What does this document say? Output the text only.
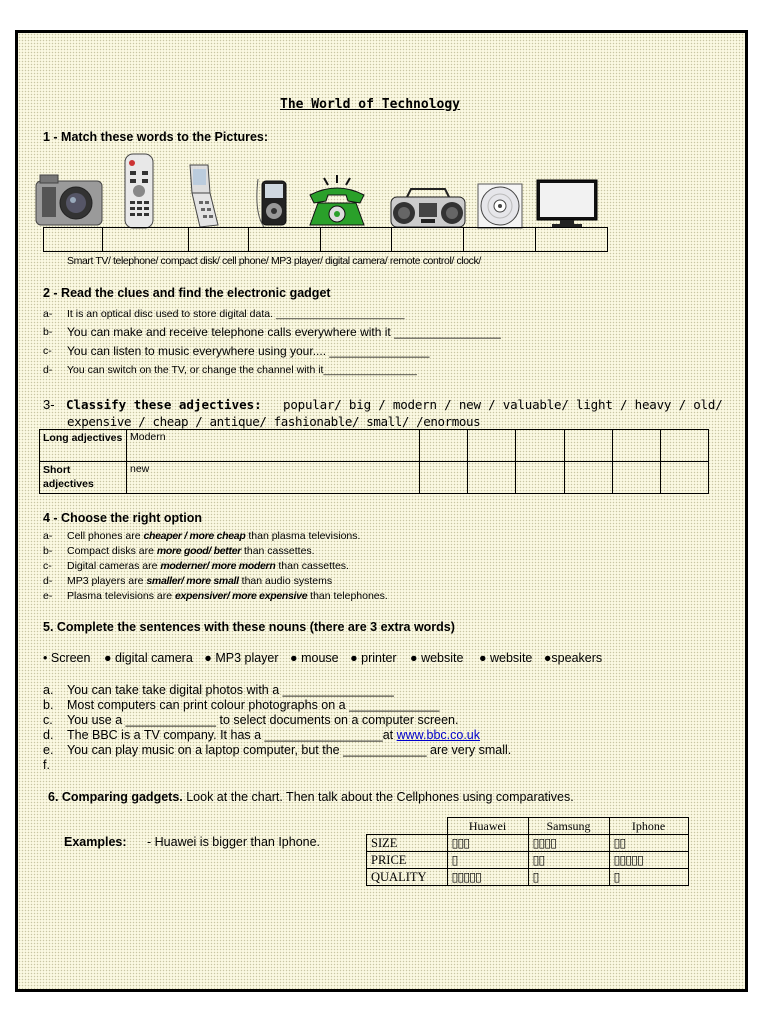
The World of Technology
1 - Match these words to the Pictures:
Smart TV/ telephone/ compact disk/ cell phone/ MP3 player/ digital camera/ remote control/ clock/
2 - Read the clues and find the electronic gadget
a- It is an optical disc used to store digital data. ______________________
b- You can make and receive telephone calls everywhere with it ________________
c- You can listen to music everywhere using your.... _______________
d- You can switch on the TV, or change the channel with it________________
3- Classify these adjectives: popular/ big / modern / new / valuable/ light / heavy / old/
expensive / cheap / antique/ fashionable/ small/ /enormous
Long adjectives	Modern						
Short adjectives	new						
4 - Choose the right option
a- Cell phones are cheaper / more cheap than plasma televisions.
b- Compact disks are more good/ better than cassettes.
c- Digital cameras are moderner/ more modern than cassettes.
d- MP3 players are smaller/ more small than audio systems
e- Plasma televisions are expensiver/ more expensive than telephones.
5. Complete the sentences with these nouns (there are 3 extra words)
• Screen ● digital camera ● MP3 player ● mouse ● printer ● website ● website ●speakers
a. You can take take digital photos with a ________________
b. Most computers can print colour photographs on a _____________
c. You use a _____________ to select documents on a computer screen.
d. The BBC is a TV company. It has a _________________at www.bbc.co.uk
e. You can play music on a laptop computer, but the ____________ are very small.
f.
6. Comparing gadgets. Look at the chart. Then talk about the Cellphones using comparatives.
Examples: - Huawei is bigger than Iphone.
	Huawei	Samsung	Iphone
SIZE	▯▯▯	▯▯▯▯	▯▯
PRICE	▯	▯▯	▯▯▯▯▯
QUALITY	▯▯▯▯▯	▯	▯
